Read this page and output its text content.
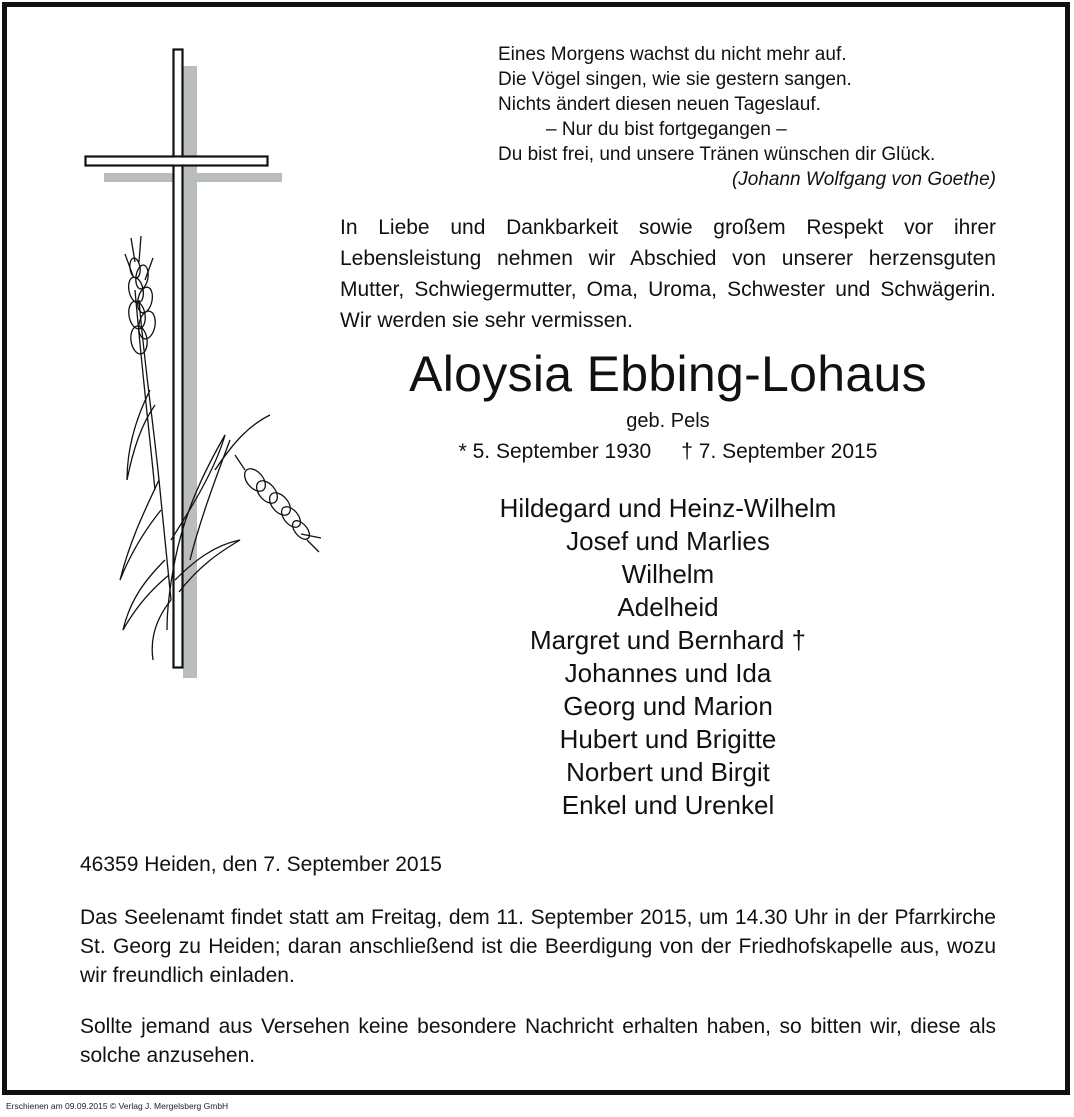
Eines Morgens wachst du nicht mehr auf.
Die Vögel singen, wie sie gestern sangen.
Nichts ändert diesen neuen Tageslauf.
– Nur du bist fortgegangen –
Du bist frei, und unsere Tränen wünschen dir Glück.
(Johann Wolfgang von Goethe)
In Liebe und Dankbarkeit sowie großem Respekt vor ihrer Lebensleistung nehmen wir Abschied von unserer herzensguten Mutter, Schwiegermutter, Oma, Uroma, Schwester und Schwägerin. Wir werden sie sehr vermissen.
Aloysia Ebbing-Lohaus
geb. Pels
* 5. September 1930 † 7. September 2015
Hildegard und Heinz-Wilhelm
Josef und Marlies
Wilhelm
Adelheid
Margret und Bernhard †
Johannes und Ida
Georg und Marion
Hubert und Brigitte
Norbert und Birgit
Enkel und Urenkel
46359 Heiden, den 7. September 2015
Das Seelenamt findet statt am Freitag, dem 11. September 2015, um 14.30 Uhr in der Pfarrkirche St. Georg zu Heiden; daran anschließend ist die Beerdigung von der Friedhofskapelle aus, wozu wir freundlich einladen.
Sollte jemand aus Versehen keine besondere Nachricht erhalten haben, so bitten wir, diese als solche anzusehen.
Erschienen am 09.09.2015 © Verlag J. Mergelsberg GmbH
